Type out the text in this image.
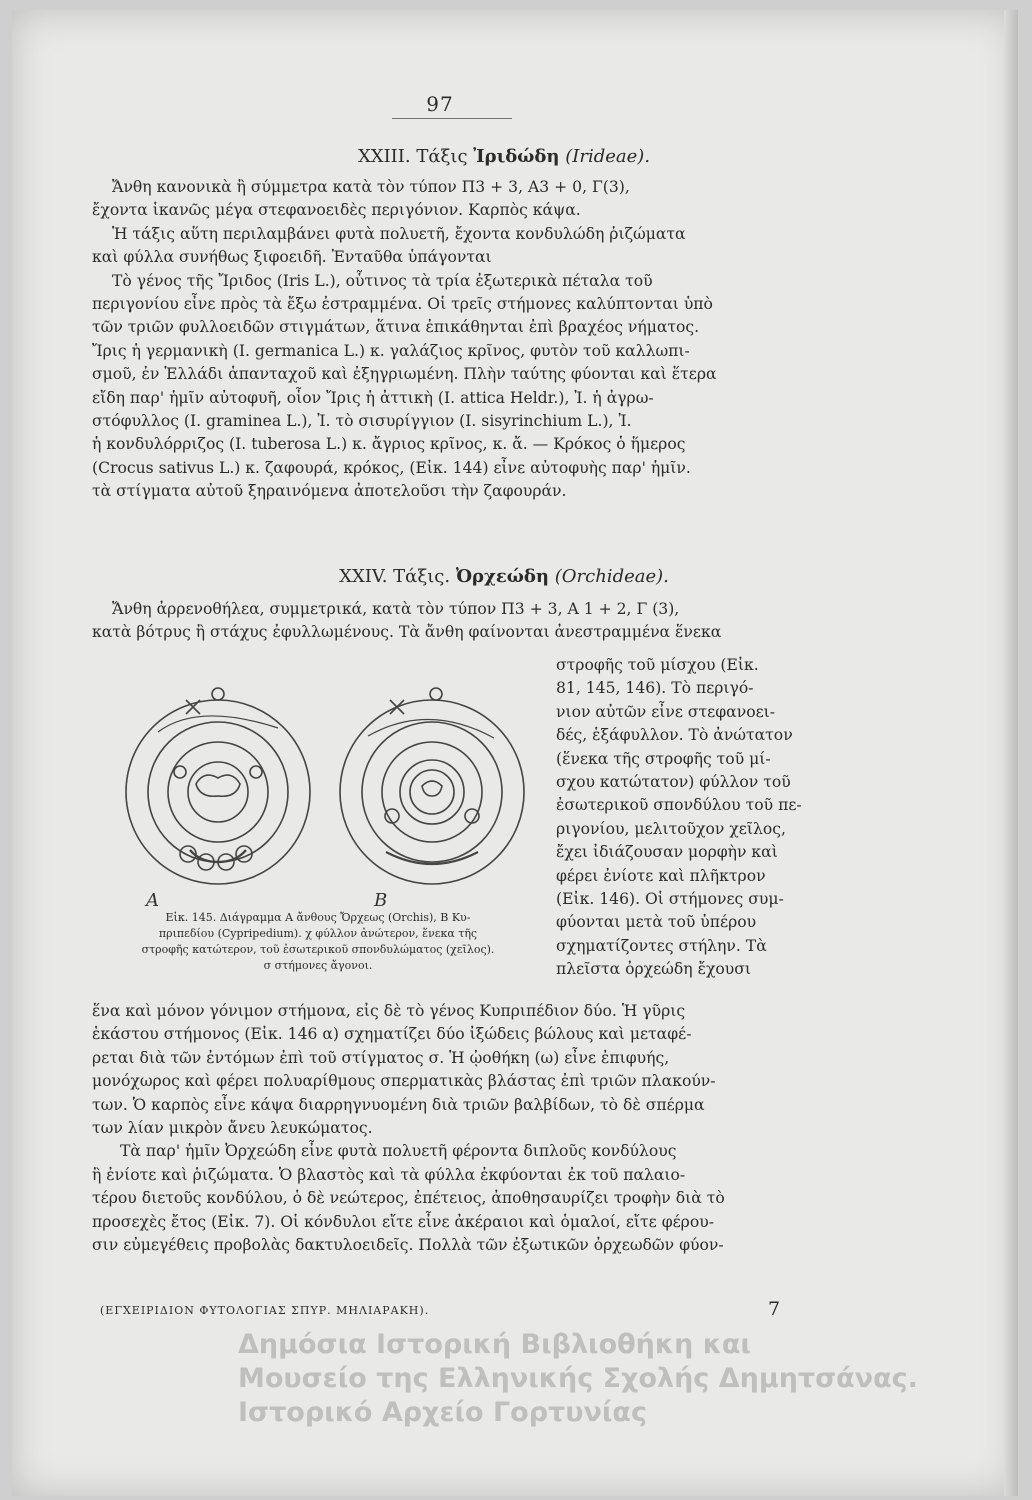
97
XXIII. Τάξις Ἰριδώδη (Irideae).
Ἄνθη κανονικὰ ἢ σύμμετρα κατὰ τὸν τύπον Π3 + 3, Α3 + 0, Γ(3),
ἔχοντα ἱκανῶς μέγα στεφανοειδὲς περιγόνιον. Καρπὸς κάψα.
Ἡ τάξις αὕτη περιλαμβάνει φυτὰ πολυετῆ, ἔχοντα κονδυλώδη ῥιζώματα
καὶ φύλλα συνήθως ξιφοειδῆ. Ἐνταῦθα ὑπάγονται
Τὸ γένος τῆς Ἴριδος (Iris L.), οὗτινος τὰ τρία ἐξωτερικὰ πέταλα τοῦ
περιγονίου εἶνε πρὸς τὰ ἔξω ἐστραμμένα. Οἱ τρεῖς στήμονες καλύπτονται ὑπὸ
τῶν τριῶν φυλλοειδῶν στιγμάτων, ἅτινα ἐπικάθηνται ἐπὶ βραχέος νήματος.
Ἴρις ἡ γερμανικὴ (I. germanica L.) κ. γαλάζιος κρῖνος, φυτὸν τοῦ καλλωπι-
σμοῦ, ἐν Ἑλλάδι ἁπανταχοῦ καὶ ἐξηγριωμένη. Πλὴν ταύτης φύονται καὶ ἕτερα
εἴδη παρ' ἡμῖν αὐτοφυῆ, οἷον Ἴρις ἡ ἀττικὴ (I. attica Heldr.), Ἰ. ἡ ἀγρω-
στόφυλλος (I. graminea L.), Ἰ. τὸ σισυρίγγιον (I. sisyrinchium L.), Ἰ.
ἡ κονδυλόρριζος (I. tuberosa L.) κ. ἄγριος κρῖνος, κ. ἄ. — Κρόκος ὁ ἥμερος
(Crocus sativus L.) κ. ζαφουρά, κρόκος, (Εἰκ. 144) εἶνε αὐτοφυὴς παρ' ἡμῖν.
τὰ στίγματα αὐτοῦ ξηραινόμενα ἀποτελοῦσι τὴν ζαφουράν.
XXIV. Τάξις. Ὀρχεώδη (Orchideae).
Ἄνθη ἀρρενοθήλεα, συμμετρικά, κατὰ τὸν τύπον Π3 + 3, Α 1 + 2, Γ (3),
κατὰ βότρυς ἢ στάχυς ἐφυλλωμένους. Τὰ ἄνθη φαίνονται ἀνεστραμμένα ἕνεκα
στροφῆς τοῦ μίσχου (Εἰκ.
81, 145, 146). Τὸ περιγό-
νιον αὐτῶν εἶνε στεφανοει-
δές, ἑξάφυλλον. Τὸ ἀνώτατον
(ἕνεκα τῆς στροφῆς τοῦ μί-
σχου κατώτατον) φύλλον τοῦ
ἐσωτερικοῦ σπονδύλου τοῦ πε-
ριγονίου, μελιτοῦχον χεῖλος,
ἔχει ἰδιάζουσαν μορφὴν καὶ
φέρει ἐνίοτε καὶ πλῆκτρον
(Εἰκ. 146). Οἱ στήμονες συμ-
φύονται μετὰ τοῦ ὑπέρου
σχηματίζοντες στήλην. Τὰ
πλεῖστα ὀρχεώδη ἔχουσι
A	B
Εἰκ. 145. Διάγραμμα Α ἄνθους Ὄρχεως (Orchis), B Κυ-
πριπεδίου (Cypripedium). χ φύλλον ἀνώτερον, ἕνεκα τῆς
στροφῆς κατώτερον, τοῦ ἐσωτερικοῦ σπονδυλώματος (χεῖλος).
σ στήμονες ἄγονοι.
ἕνα καὶ μόνον γόνιμον στήμονα, εἰς δὲ τὸ γένος Κυπριπέδιον δύο. Ἡ γῦρις
ἑκάστου στήμονος (Εἰκ. 146 α) σχηματίζει δύο ἰξώδεις βώλους καὶ μεταφέ-
ρεται διὰ τῶν ἐντόμων ἐπὶ τοῦ στίγματος σ. Ἡ ᾠοθήκη (ω) εἶνε ἐπιφυής,
μονόχωρος καὶ φέρει πολυαρίθμους σπερματικὰς βλάστας ἐπὶ τριῶν πλακούν-
των. Ὁ καρπὸς εἶνε κάψα διαρρηγνυομένη διὰ τριῶν βαλβίδων, τὸ δὲ σπέρμα
των λίαν μικρὸν ἄνευ λευκώματος.
Τὰ παρ' ἡμῖν Ὀρχεώδη εἶνε φυτὰ πολυετῆ φέροντα διπλοῦς κονδύλους
ἢ ἐνίοτε καὶ ῥιζώματα. Ὁ βλαστὸς καὶ τὰ φύλλα ἐκφύονται ἐκ τοῦ παλαιο-
τέρου διετοῦς κονδύλου, ὁ δὲ νεώτερος, ἐπέτειος, ἀποθησαυρίζει τροφὴν διὰ τὸ
προσεχὲς ἔτος (Εἰκ. 7). Οἱ κόνδυλοι εἴτε εἶνε ἀκέραιοι καὶ ὁμαλοί, εἴτε φέρου-
σιν εὐμεγέθεις προβολὰς δακτυλοειδεῖς. Πολλὰ τῶν ἐξωτικῶν ὀρχεωδῶν φύον-
(ΕΓΧΕΙΡΙΔΙΟΝ ΦΥΤΟΛΟΓΙΑΣ ΣΠΥΡ. ΜΗΛΙΑΡΑΚΗ).	7
Δημόσια Ιστορική Βιβλιοθήκη και
Μουσείο της Ελληνικής Σχολής Δημητσάνας.
Ιστορικό Αρχείο Γορτυνίας
